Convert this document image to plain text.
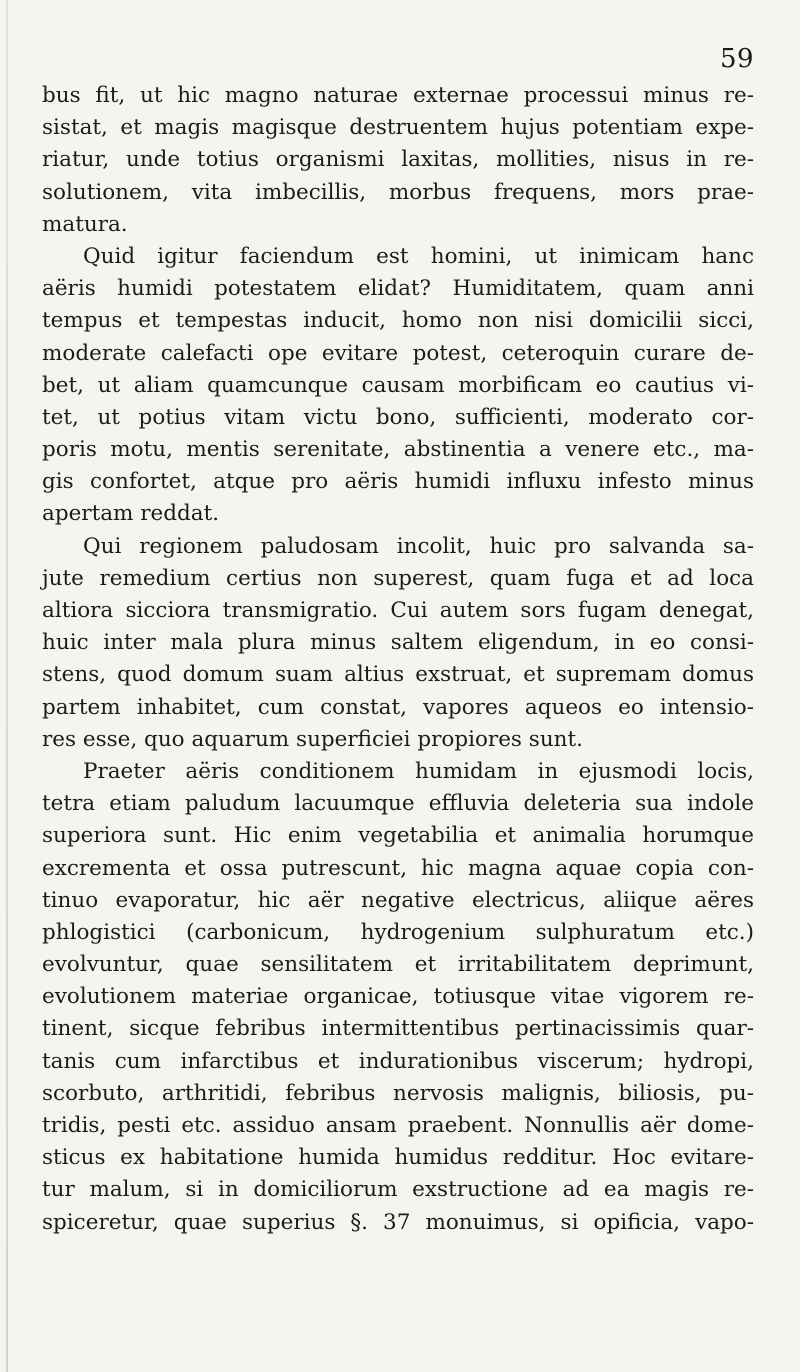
59
bus fit, ut hic magno naturae externae processui minus re-
sistat, et magis magisque destruentem hujus potentiam expe-
riatur, unde totius organismi laxitas, mollities, nisus in re-
solutionem, vita imbecillis, morbus frequens, mors prae-
matura.
Quid igitur faciendum est homini, ut inimicam hanc
aëris humidi potestatem elidat? Humiditatem, quam anni
tempus et tempestas inducit, homo non nisi domicilii sicci,
moderate calefacti ope evitare potest, ceteroquin curare de-
bet, ut aliam quamcunque causam morbificam eo cautius vi-
tet, ut potius vitam victu bono, sufficienti, moderato cor-
poris motu, mentis serenitate, abstinentia a venere etc., ma-
gis confortet, atque pro aëris humidi influxu infesto minus
apertam reddat.
Qui regionem paludosam incolit, huic pro salvanda sa-
jute remedium certius non superest, quam fuga et ad loca
altiora sicciora transmigratio. Cui autem sors fugam denegat,
huic inter mala plura minus saltem eligendum, in eo consi-
stens, quod domum suam altius exstruat, et supremam domus
partem inhabitet, cum constat, vapores aqueos eo intensio-
res esse, quo aquarum superficiei propiores sunt.
Praeter aëris conditionem humidam in ejusmodi locis,
tetra etiam paludum lacuumque effluvia deleteria sua indole
superiora sunt. Hic enim vegetabilia et animalia horumque
excrementa et ossa putrescunt, hic magna aquae copia con-
tinuo evaporatur, hic aër negative electricus, aliique aëres
phlogistici (carbonicum, hydrogenium sulphuratum etc.)
evolvuntur, quae sensilitatem et irritabilitatem deprimunt,
evolutionem materiae organicae, totiusque vitae vigorem re-
tinent, sicque febribus intermittentibus pertinacissimis quar-
tanis cum infarctibus et indurationibus viscerum; hydropi,
scorbuto, arthritidi, febribus nervosis malignis, biliosis, pu-
tridis, pesti etc. assiduo ansam praebent. Nonnullis aër dome-
sticus ex habitatione humida humidus redditur. Hoc evitare-
tur malum, si in domiciliorum exstructione ad ea magis re-
spiceretur, quae superius §. 37 monuimus, si opificia, vapo-
